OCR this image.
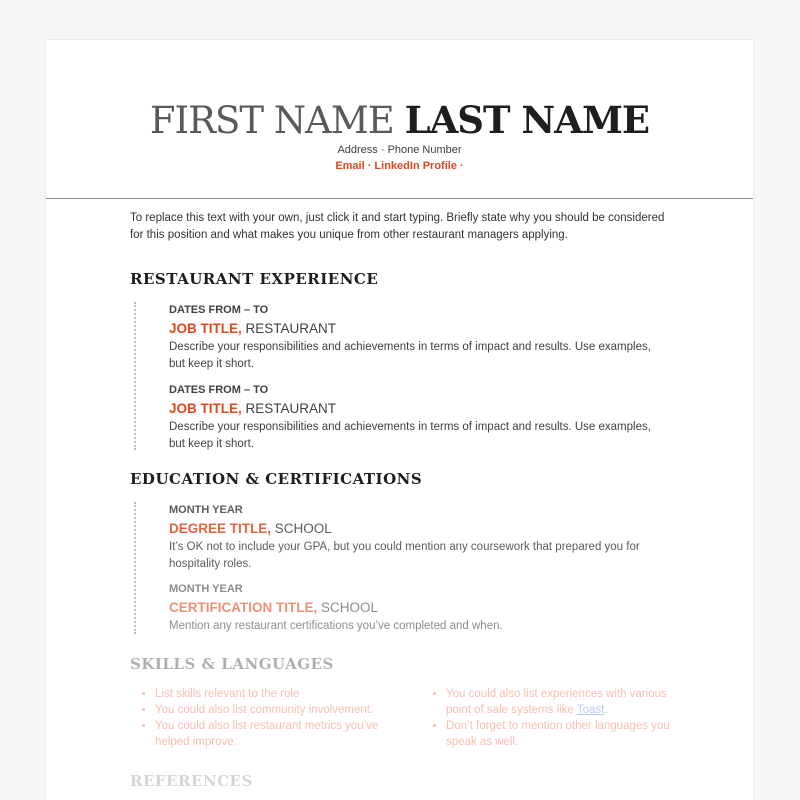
FIRST NAME LAST NAME
Address · Phone Number
Email · LinkedIn Profile ·
To replace this text with your own, just click it and start typing. Briefly state why you should be considered for this position and what makes you unique from other restaurant managers applying.
RESTAURANT EXPERIENCE
DATES FROM – TO
JOB TITLE, RESTAURANT
Describe your responsibilities and achievements in terms of impact and results. Use examples, but keep it short.
DATES FROM – TO
JOB TITLE, RESTAURANT
Describe your responsibilities and achievements in terms of impact and results. Use examples, but keep it short.
EDUCATION & CERTIFICATIONS
MONTH YEAR
DEGREE TITLE, SCHOOL
It’s OK not to include your GPA, but you could mention any coursework that prepared you for hospitality roles.
MONTH YEAR
CERTIFICATION TITLE, SCHOOL
Mention any restaurant certifications you’ve completed and when.
SKILLS & LANGUAGES
• List skills relevant to the role
• You could also list community involvement.
• You could also list restaurant metrics you’ve helped improve.
• You could also list experiences with various point of sale systems like Toast.
• Don’t forget to mention other languages you speak as well.
REFERENCES
